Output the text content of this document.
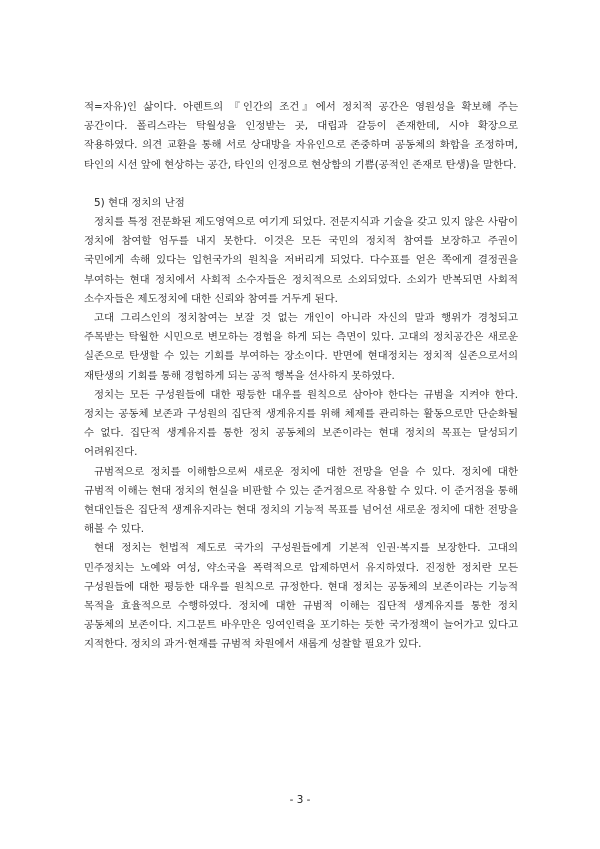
적=자유)인 삶이다. 아렌트의 『인간의 조건』에서 정치적 공간은 영원성을 확보해 주는 공간이다. 폴리스라는 탁월성을 인정받는 곳, 대립과 갈등이 존재한데, 시야 확장으로 작용하였다. 의견 교환을 통해 서로 상대방을 자유인으로 존중하며 공동체의 화합을 조정하며, 타인의 시선 앞에 현상하는 공간, 타인의 인정으로 현상함의 기쁨(공적인 존재로 탄생)을 말한다.

5) 현대 정치의 난점

정치를 특정 전문화된 제도영역으로 여기게 되었다. 전문지식과 기술을 갖고 있지 않은 사람이 정치에 참여할 엄두를 내지 못한다. 이것은 모든 국민의 정치적 참여를 보장하고 주권이 국민에게 속해 있다는 입헌국가의 원칙을 저버리게 되었다. 다수표를 얻은 쪽에게 결정권을 부여하는 현대 정치에서 사회적 소수자들은 정치적으로 소외되었다. 소외가 반복되면 사회적 소수자들은 제도정치에 대한 신뢰와 참여를 거두게 된다.

고대 그리스인의 정치참여는 보잘 것 없는 개인이 아니라 자신의 말과 행위가 경청되고 주목받는 탁월한 시민으로 변모하는 경험을 하게 되는 측면이 있다. 고대의 정치공간은 새로운 실존으로 탄생할 수 있는 기회를 부여하는 장소이다. 반면에 현대정치는 정치적 실존으로서의 재탄생의 기회를 통해 경험하게 되는 공적 행복을 선사하지 못하였다.

정치는 모든 구성원들에 대한 평등한 대우를 원칙으로 삼아야 한다는 규범을 지켜야 한다. 정치는 공동체 보존과 구성원의 집단적 생계유지를 위해 체제를 관리하는 활동으로만 단순화될 수 없다. 집단적 생계유지를 통한 정치 공동체의 보존이라는 현대 정치의 목표는 달성되기 어려워진다.

규범적으로 정치를 이해함으로써 새로운 정치에 대한 전망을 얻을 수 있다. 정치에 대한 규범적 이해는 현대 정치의 현실을 비판할 수 있는 준거점으로 작용할 수 있다. 이 준거점을 통해 현대인들은 집단적 생계유지라는 현대 정치의 기능적 목표를 넘어선 새로운 정치에 대한 전망을 해볼 수 있다.

현대 정치는 헌법적 제도로 국가의 구성원들에게 기본적 인권·복지를 보장한다. 고대의 민주정치는 노예와 여성, 약소국을 폭력적으로 압제하면서 유지하였다. 진정한 정치란 모든 구성원들에 대한 평등한 대우를 원칙으로 규정한다. 현대 정치는 공동체의 보존이라는 기능적 목적을 효율적으로 수행하였다. 정치에 대한 규범적 이해는 집단적 생계유지를 통한 정치 공동체의 보존이다. 지그문트 바우만은 잉여인력을 포기하는 듯한 국가정책이 늘어가고 있다고 지적한다. 정치의 과거·현재를 규범적 차원에서 새롭게 성찰할 필요가 있다.

- 3 -
